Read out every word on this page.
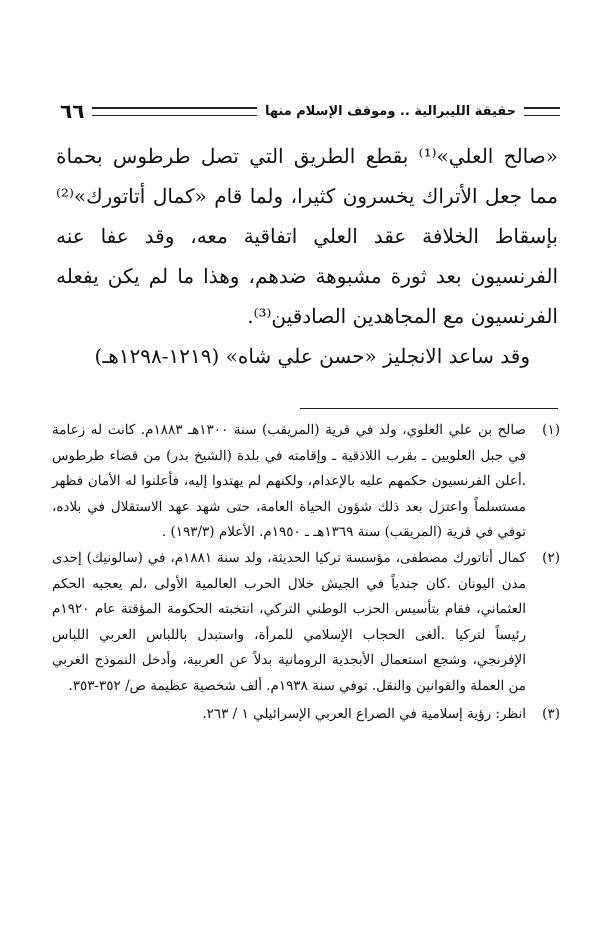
٦٦	حقيقة الليبرالية .. وموقف الإسلام منها

«صالح العلي»⁽¹⁾ بقطع الطريق التي تصل طرطوس بحماة مما جعل الأتراك يخسرون كثيرا، ولما قام «كمال أتاتورك»⁽²⁾ بإسقاط الخلافة عقد العلي اتفاقية معه، وقد عفا عنه الفرنسيون بعد ثورة مشبوهة ضدهم، وهذا ما لم يكن يفعله الفرنسيون مع المجاهدين الصادقين⁽³⁾.

وقد ساعد الانجليز «حسن علي شاه» (١٢١٩-١٢٩٨هـ)

(١)
صالح بن علي العلوي، ولد في قرية (المريقب) سنة ١٣٠٠هـ ١٨٨٣م. كانت له زعامة في جبل العلويين ـ بقرب اللاذقية ـ وإقامته في بلدة (الشيخ بدر) من قضاء طرطوس .أعلن الفرنسيون حكمهم عليه بالإعدام، ولكنهم لم يهتدوا إليه، فأعلنوا له الأمان فظهر مستسلماً واعتزل بعد ذلك شؤون الحياة العامة، حتى شهد عهد الاستقلال في بلاده، توفي في قرية (المريقب) سنة ١٣٦٩هـ ـ ١٩٥٠م. الأعلام (١٩٣/٣) .

(٢)
كمال أتاتورك مصطفى، مؤسسة تركيا الحديثة، ولد سنة ١٨٨١م، في (سالونيك) إحدى مدن اليونان .كان جندياً في الجيش خلال الحرب العالمية الأولى ،لم يعجبه الحكم العثماني، فقام بتأسيس الحزب الوطني التركي، انتخبته الحكومة المؤقتة عام ١٩٢٠م رئيساً لتركيا .ألغى الحجاب الإسلامي للمرأة، واستبدل باللباس العربي اللباس الإفرنجي، وشجع استعمال الأبجدية الرومانية بدلاً عن العربية، وأدخل النموذج الغربي من العملة والقوانين والنقل. توفي سنة ١٩٣٨م. ألف شخصية عظيمة ص/ ٣٥٢-٣٥٣.

(٣)
انظر: رؤية إسلامية في الصراع العربي الإسرائيلي ١ / ٢٦٣.
